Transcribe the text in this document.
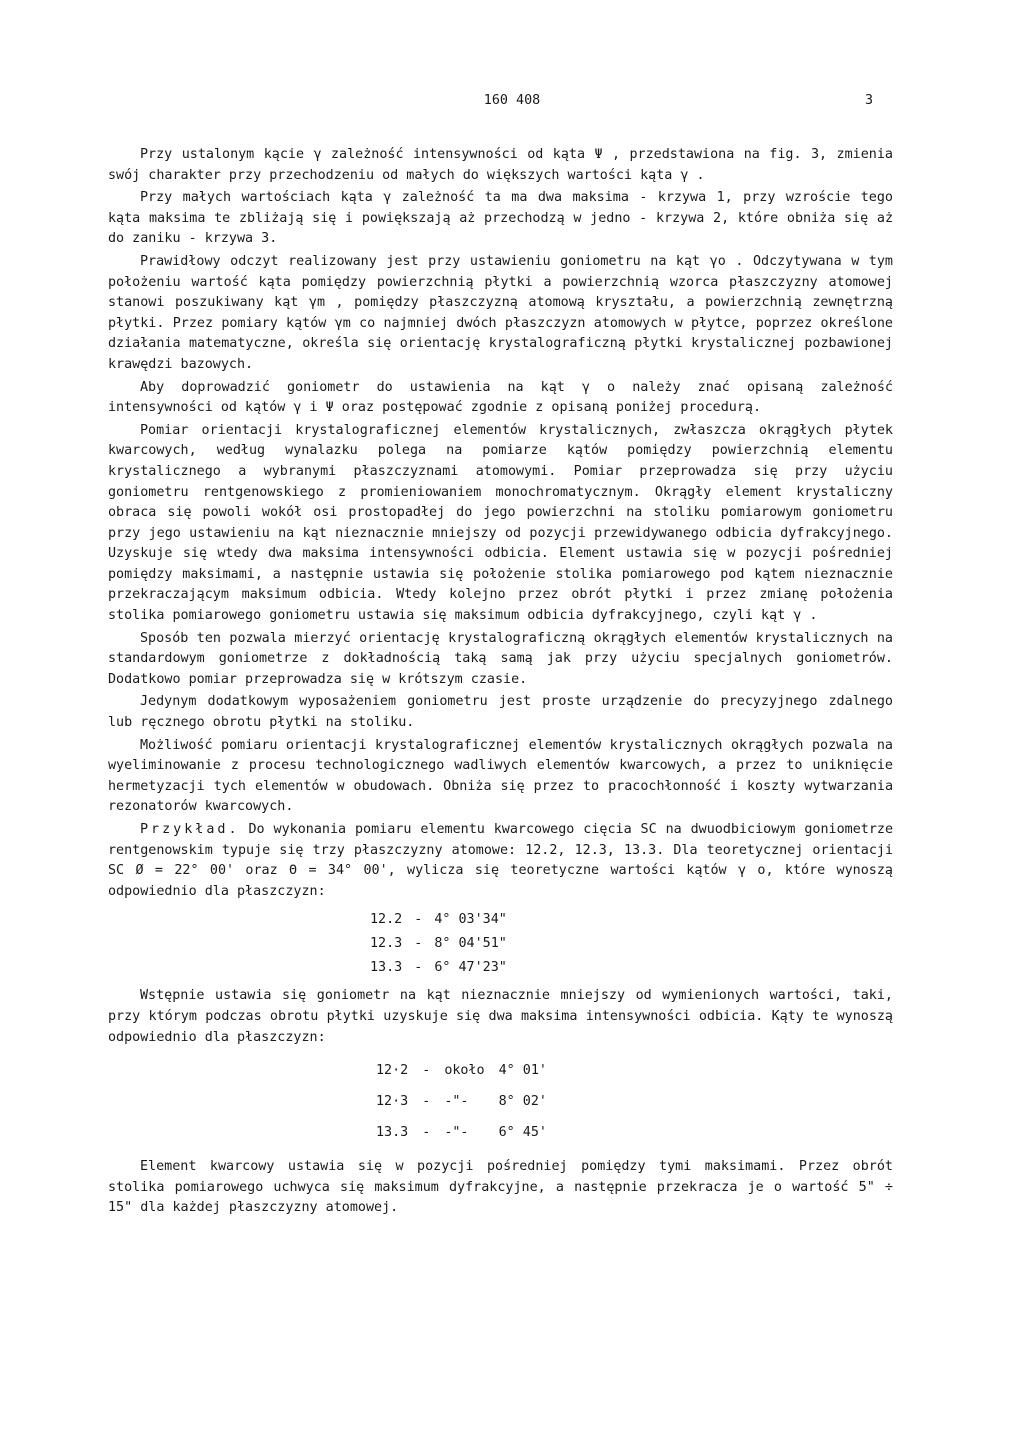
160 408	3

Przy ustalonym kącie γ zależność intensywności od kąta Ψ , przedstawiona na fig. 3, zmienia swój charakter przy przechodzeniu od małych do większych wartości kąta γ .

Przy małych wartościach kąta γ zależność ta ma dwa maksima - krzywa 1, przy wzroście tego kąta maksima te zbliżają się i powiększają aż przechodzą w jedno - krzywa 2, które obniża się aż do zaniku - krzywa 3.

Prawidłowy odczyt realizowany jest przy ustawieniu goniometru na kąt γo . Odczytywana w tym położeniu wartość kąta pomiędzy powierzchnią płytki a powierzchnią wzorca płaszczyzny atomowej stanowi poszukiwany kąt γm , pomiędzy płaszczyzną atomową kryształu, a powierzchnią zewnętrzną płytki. Przez pomiary kątów γm co najmniej dwóch płaszczyzn atomowych w płytce, poprzez określone działania matematyczne, określa się orientację krystalograficzną płytki krystalicznej pozbawionej krawędzi bazowych.

Aby doprowadzić goniometr do ustawienia na kąt γ o należy znać opisaną zależność intensywności od kątów γ i Ψ oraz postępować zgodnie z opisaną poniżej procedurą.

Pomiar orientacji krystalograficznej elementów krystalicznych, zwłaszcza okrągłych płytek kwarcowych, według wynalazku polega na pomiarze kątów pomiędzy powierzchnią elementu krystalicznego a wybranymi płaszczyznami atomowymi. Pomiar przeprowadza się przy użyciu goniometru rentgenowskiego z promieniowaniem monochromatycznym. Okrągły element krystaliczny obraca się powoli wokół osi prostopadłej do jego powierzchni na stoliku pomiarowym goniometru przy jego ustawieniu na kąt nieznacznie mniejszy od pozycji przewidywanego odbicia dyfrakcyjnego. Uzyskuje się wtedy dwa maksima intensywności odbicia. Element ustawia się w pozycji pośredniej pomiędzy maksimami, a następnie ustawia się położenie stolika pomiarowego pod kątem nieznacznie przekraczającym maksimum odbicia. Wtedy kolejno przez obrót płytki i przez zmianę położenia stolika pomiarowego goniometru ustawia się maksimum odbicia dyfrakcyjnego, czyli kąt γ .

Sposób ten pozwala mierzyć orientację krystalograficzną okrągłych elementów krystalicznych na standardowym goniometrze z dokładnością taką samą jak przy użyciu specjalnych goniometrów. Dodatkowo pomiar przeprowadza się w krótszym czasie.

Jedynym dodatkowym wyposażeniem goniometru jest proste urządzenie do precyzyjnego zdalnego lub ręcznego obrotu płytki na stoliku.

Możliwość pomiaru orientacji krystalograficznej elementów krystalicznych okrągłych pozwala na wyeliminowanie z procesu technologicznego wadliwych elementów kwarcowych, a przez to uniknięcie hermetyzacji tych elementów w obudowach. Obniża się przez to pracochłonność i koszty wytwarzania rezonatorów kwarcowych.

Przykład. Do wykonania pomiaru elementu kwarcowego cięcia SC na dwuodbiciowym goniometrze rentgenowskim typuje się trzy płaszczyzny atomowe: 12.2, 12.3, 13.3. Dla teoretycznej orientacji SC Ø = 22° 00' oraz Θ = 34° 00', wylicza się teoretyczne wartości kątów γ o, które wynoszą odpowiednio dla płaszczyzn:

12.2	-	4° 03'34"
12.3	-	8° 04'51"
13.3	-	6° 47'23"

Wstępnie ustawia się goniometr na kąt nieznacznie mniejszy od wymienionych wartości, taki, przy którym podczas obrotu płytki uzyskuje się dwa maksima intensywności odbicia. Kąty te wynoszą odpowiednio dla płaszczyzn:

12·2	-	około	4° 01'
12·3	-	-"-	8° 02'
13.3	-	-"-	6° 45'

Element kwarcowy ustawia się w pozycji pośredniej pomiędzy tymi maksimami. Przez obrót stolika pomiarowego uchwyca się maksimum dyfrakcyjne, a następnie przekracza je o wartość 5" ÷ 15" dla każdej płaszczyzny atomowej.
